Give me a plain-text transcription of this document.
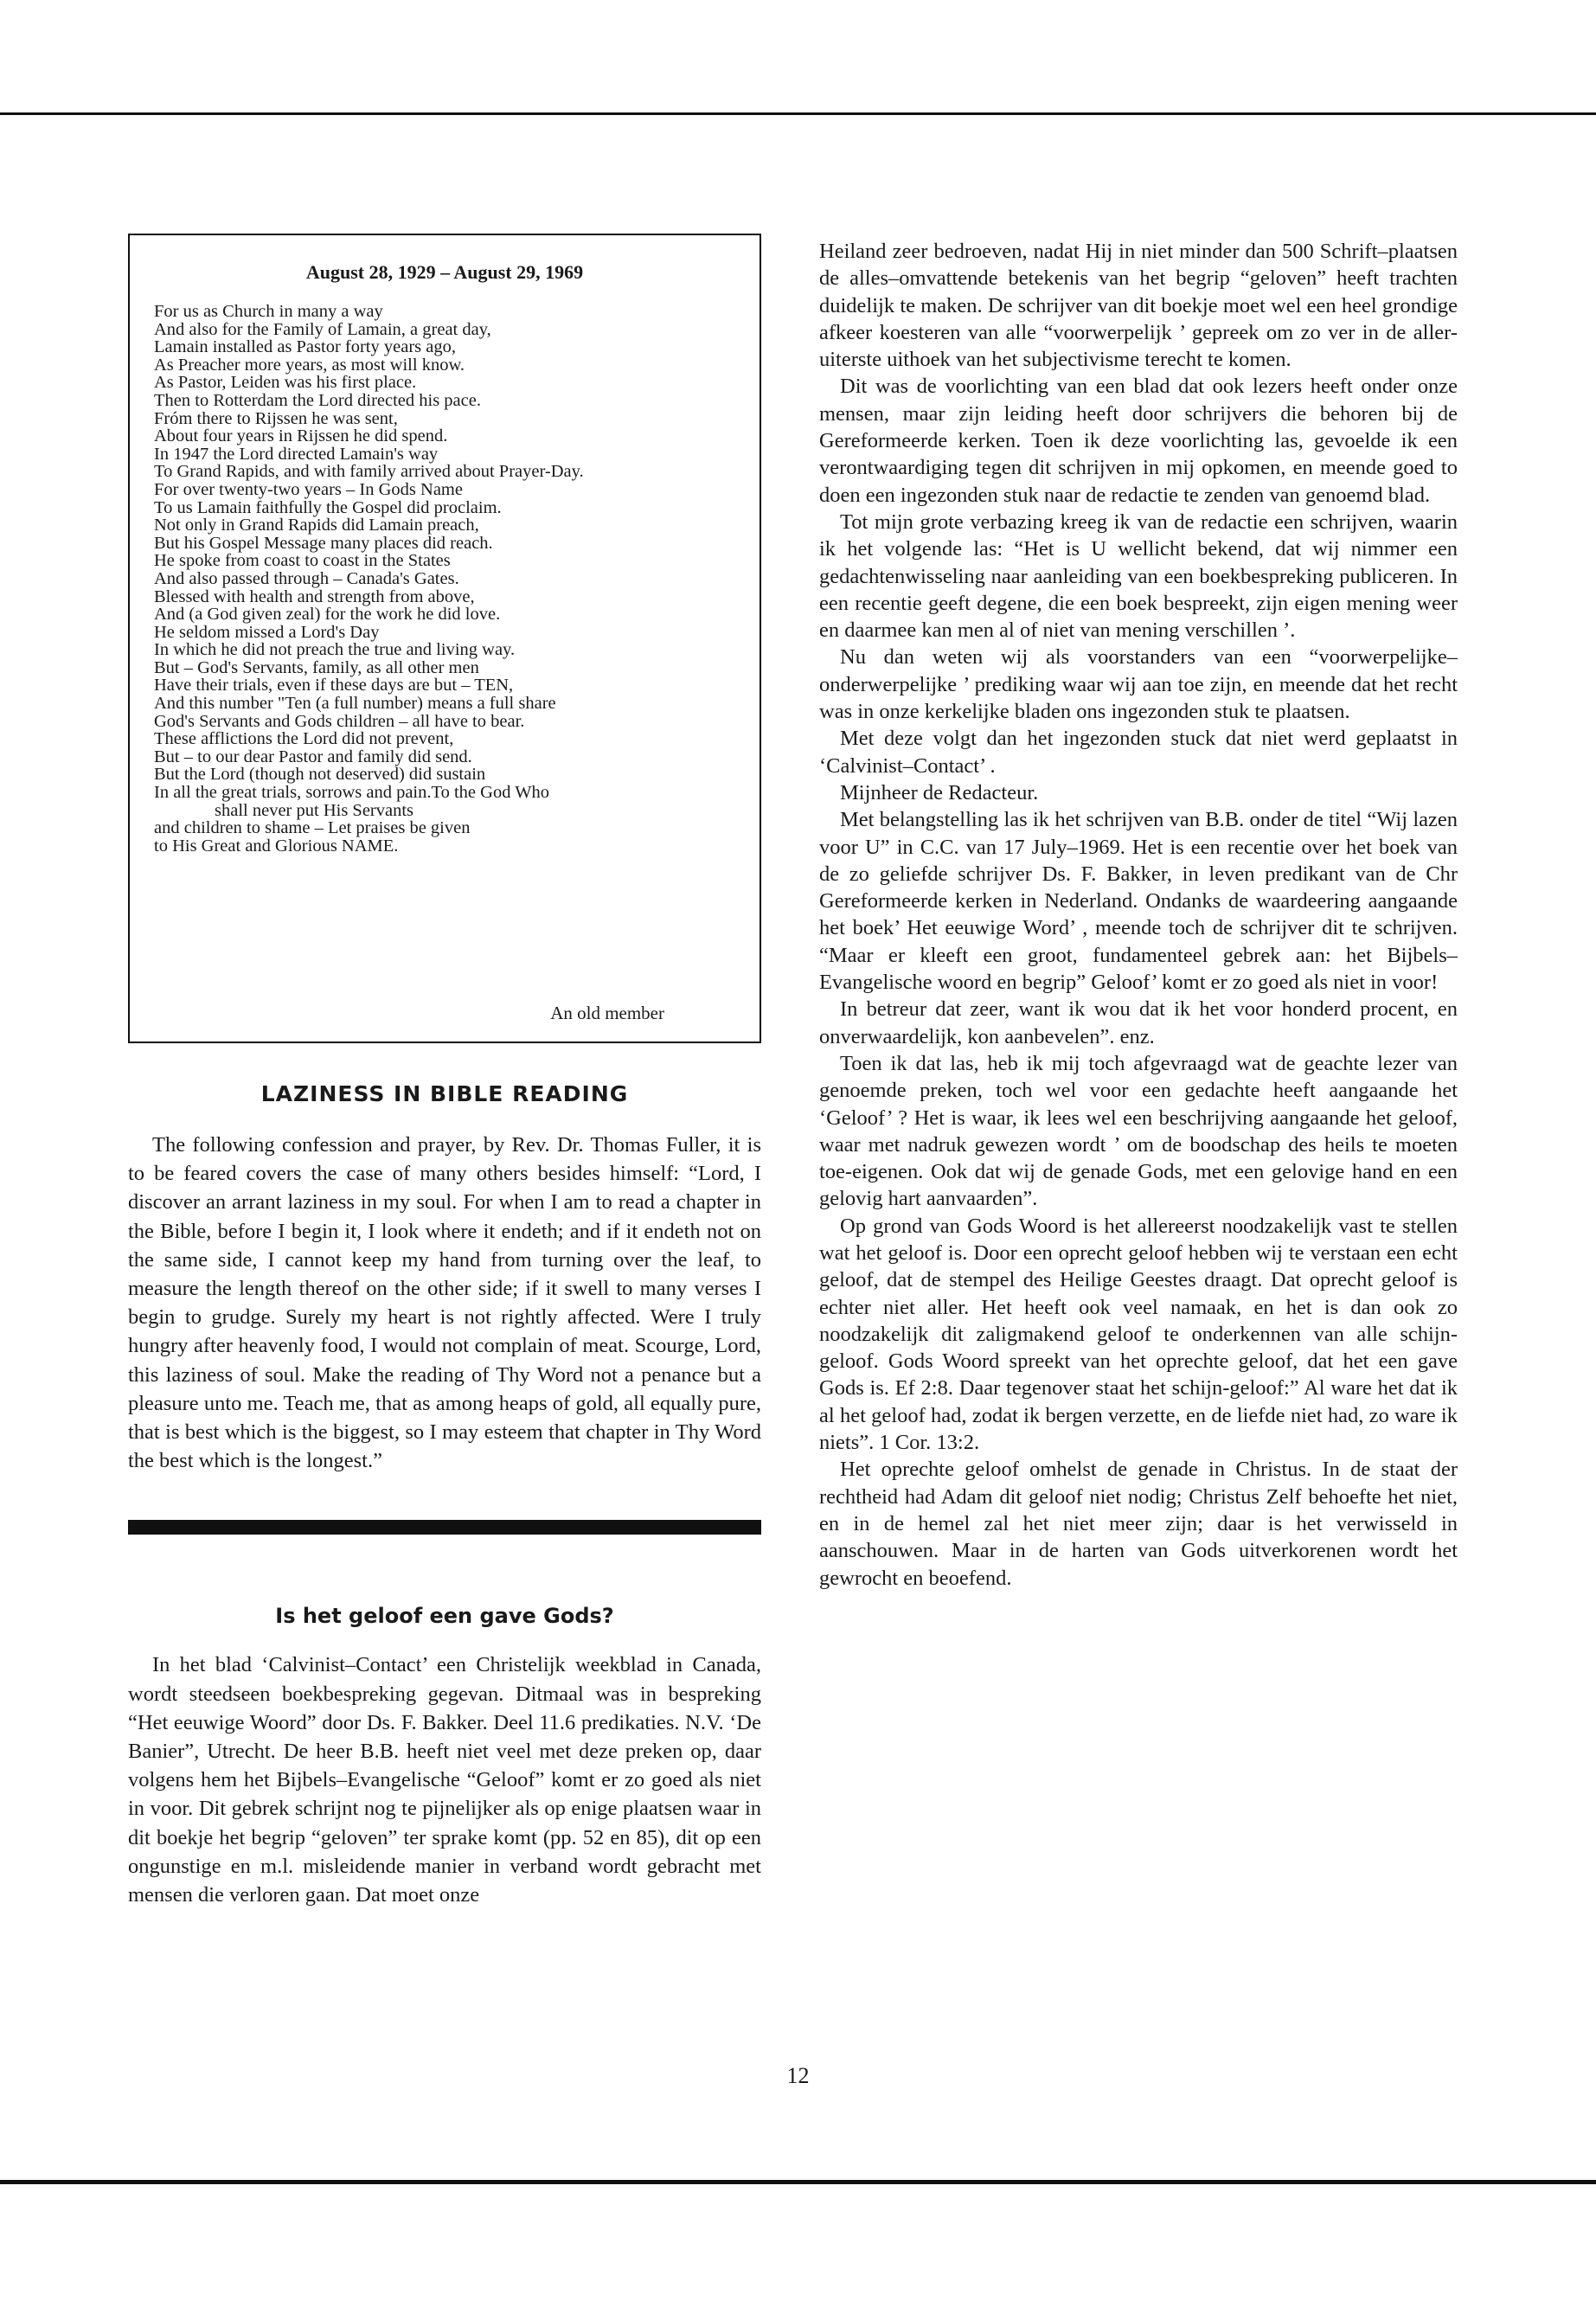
August 28, 1929 – August 29, 1969
For us as Church in many a way
And also for the Family of Lamain, a great day,
Lamain installed as Pastor forty years ago,
As Preacher more years, as most will know.
As Pastor, Leiden was his first place.
Then to Rotterdam the Lord directed his pace.
Fróm there to Rijssen he was sent,
About four years in Rijssen he did spend.
In 1947 the Lord directed Lamain's way
To Grand Rapids, and with family arrived about Prayer-Day.
For over twenty-two years – In Gods Name
To us Lamain faithfully the Gospel did proclaim.
Not only in Grand Rapids did Lamain preach,
But his Gospel Message many places did reach.
He spoke from coast to coast in the States
And also passed through – Canada's Gates.
Blessed with health and strength from above,
And (a God given zeal) for the work he did love.
He seldom missed a Lord's Day
In which he did not preach the true and living way.
But – God's Servants, family, as all other men
Have their trials, even if these days are but – TEN,
And this number "Ten (a full number) means a full share
God's Servants and Gods children – all have to bear.
These afflictions the Lord did not prevent,
But – to our dear Pastor and family did send.
But the Lord (though not deserved) did sustain
In all the great trials, sorrows and pain.To the God Who
shall never put His Servants
and children to shame – Let praises be given
to His Great and Glorious NAME.
An old member
LAZINESS IN BIBLE READING

The following confession and prayer, by Rev. Dr. Thomas Fuller, it is to be feared covers the case of many others besides himself: “Lord, I discover an arrant laziness in my soul. For when I am to read a chapter in the Bible, before I begin it, I look where it endeth; and if it endeth not on the same side, I cannot keep my hand from turning over the leaf, to measure the length thereof on the other side; if it swell to many verses I begin to grudge. Surely my heart is not rightly affected. Were I truly hungry after heavenly food, I would not complain of meat. Scourge, Lord, this laziness of soul. Make the reading of Thy Word not a penance but a pleasure unto me. Teach me, that as among heaps of gold, all equally pure, that is best which is the biggest, so I may esteem that chapter in Thy Word the best which is the longest.”

Is het geloof een gave Gods?

In het blad ‘Calvinist–Contact’ een Christelijk weekblad in Canada, wordt steedseen boekbespreking gegevan. Ditmaal was in bespreking “Het eeuwige Woord” door Ds. F. Bakker. Deel 11.6 predikaties. N.V. ‘De Banier”, Utrecht. De heer B.B. heeft niet veel met deze preken op, daar volgens hem het Bijbels–Evangelische “Geloof” komt er zo goed als niet in voor. Dit gebrek schrijnt nog te pijnelijker als op enige plaatsen waar in dit boekje het begrip “geloven” ter sprake komt (pp. 52 en 85), dit op een ongunstige en m.l. misleidende manier in verband wordt gebracht met mensen die verloren gaan. Dat moet onze

Heiland zeer bedroeven, nadat Hij in niet minder dan 500 Schrift–plaatsen de alles–omvattende betekenis van het begrip “geloven” heeft trachten duidelijk te maken. De schrijver van dit boekje moet wel een heel grondige afkeer koesteren van alle “voorwerpelijk ’ gepreek om zo ver in de aller-uiterste uithoek van het subjectivisme terecht te komen.

Dit was de voorlichting van een blad dat ook lezers heeft onder onze mensen, maar zijn leiding heeft door schrijvers die behoren bij de Gereformeerde kerken. Toen ik deze voorlichting las, gevoelde ik een verontwaardiging tegen dit schrijven in mij opkomen, en meende goed to doen een ingezonden stuk naar de redactie te zenden van genoemd blad.

Tot mijn grote verbazing kreeg ik van de redactie een schrijven, waarin ik het volgende las: “Het is U wellicht bekend, dat wij nimmer een gedachtenwisseling naar aanleiding van een boekbespreking publiceren. In een recentie geeft degene, die een boek bespreekt, zijn eigen mening weer en daarmee kan men al of niet van mening verschillen ’.

Nu dan weten wij als voorstanders van een “voorwerpelijke–onderwerpelijke ’ prediking waar wij aan toe zijn, en meende dat het recht was in onze kerkelijke bladen ons ingezonden stuk te plaatsen.

Met deze volgt dan het ingezonden stuck dat niet werd geplaatst in ‘Calvinist–Contact’ .

Mijnheer de Redacteur.

Met belangstelling las ik het schrijven van B.B. onder de titel “Wij lazen voor U” in C.C. van 17 July–1969. Het is een recentie over het boek van de zo geliefde schrijver Ds. F. Bakker, in leven predikant van de Chr Gereformeerde kerken in Nederland. Ondanks de waardeering aangaande het boek’ Het eeuwige Word’ , meende toch de schrijver dit te schrijven. “Maar er kleeft een groot, fundamenteel gebrek aan: het Bijbels–Evangelische woord en begrip” Geloof’ komt er zo goed als niet in voor!

In betreur dat zeer, want ik wou dat ik het voor honderd procent, en onverwaardelijk, kon aanbevelen”. enz.

Toen ik dat las, heb ik mij toch afgevraagd wat de geachte lezer van genoemde preken, toch wel voor een gedachte heeft aangaande het ‘Geloof’ ? Het is waar, ik lees wel een beschrijving aangaande het geloof, waar met nadruk gewezen wordt ’ om de boodschap des heils te moeten toe-eigenen. Ook dat wij de genade Gods, met een gelovige hand en een gelovig hart aanvaarden”.

Op grond van Gods Woord is het allereerst noodzakelijk vast te stellen wat het geloof is. Door een oprecht geloof hebben wij te verstaan een echt geloof, dat de stempel des Heilige Geestes draagt. Dat oprecht geloof is echter niet aller. Het heeft ook veel namaak, en het is dan ook zo noodzakelijk dit zaligmakend geloof te onderkennen van alle schijn-geloof. Gods Woord spreekt van het oprechte geloof, dat het een gave Gods is. Ef 2:8. Daar tegenover staat het schijn-geloof:” Al ware het dat ik al het geloof had, zodat ik bergen verzette, en de liefde niet had, zo ware ik niets”. 1 Cor. 13:2.

Het oprechte geloof omhelst de genade in Christus. In de staat der rechtheid had Adam dit geloof niet nodig; Christus Zelf behoefte het niet, en in de hemel zal het niet meer zijn; daar is het verwisseld in aanschouwen. Maar in de harten van Gods uitverkorenen wordt het gewrocht en beoefend.

12
